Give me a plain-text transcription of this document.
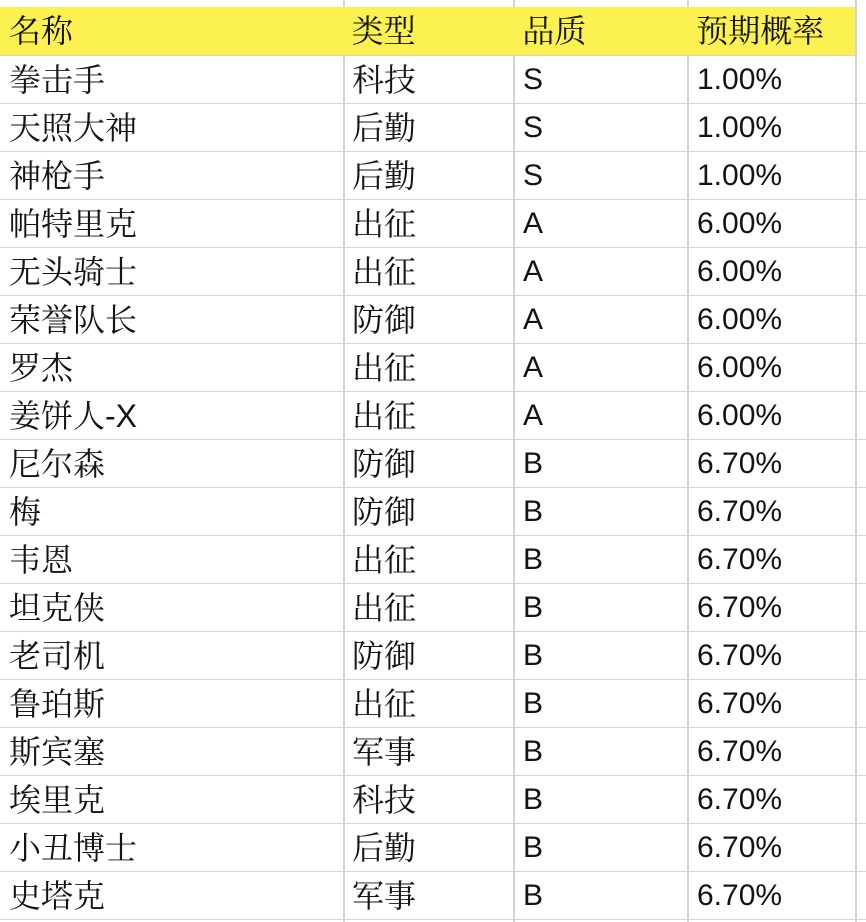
名称	类型	品质	预期概率
拳击手	科技	S	1.00%
天照大神	后勤	S	1.00%
神枪手	后勤	S	1.00%
帕特里克	出征	A	6.00%
无头骑士	出征	A	6.00%
荣誉队长	防御	A	6.00%
罗杰	出征	A	6.00%
姜饼人-X	出征	A	6.00%
尼尔森	防御	B	6.70%
梅	防御	B	6.70%
韦恩	出征	B	6.70%
坦克侠	出征	B	6.70%
老司机	防御	B	6.70%
鲁珀斯	出征	B	6.70%
斯宾塞	军事	B	6.70%
埃里克	科技	B	6.70%
小丑博士	后勤	B	6.70%
史塔克	军事	B	6.70%
